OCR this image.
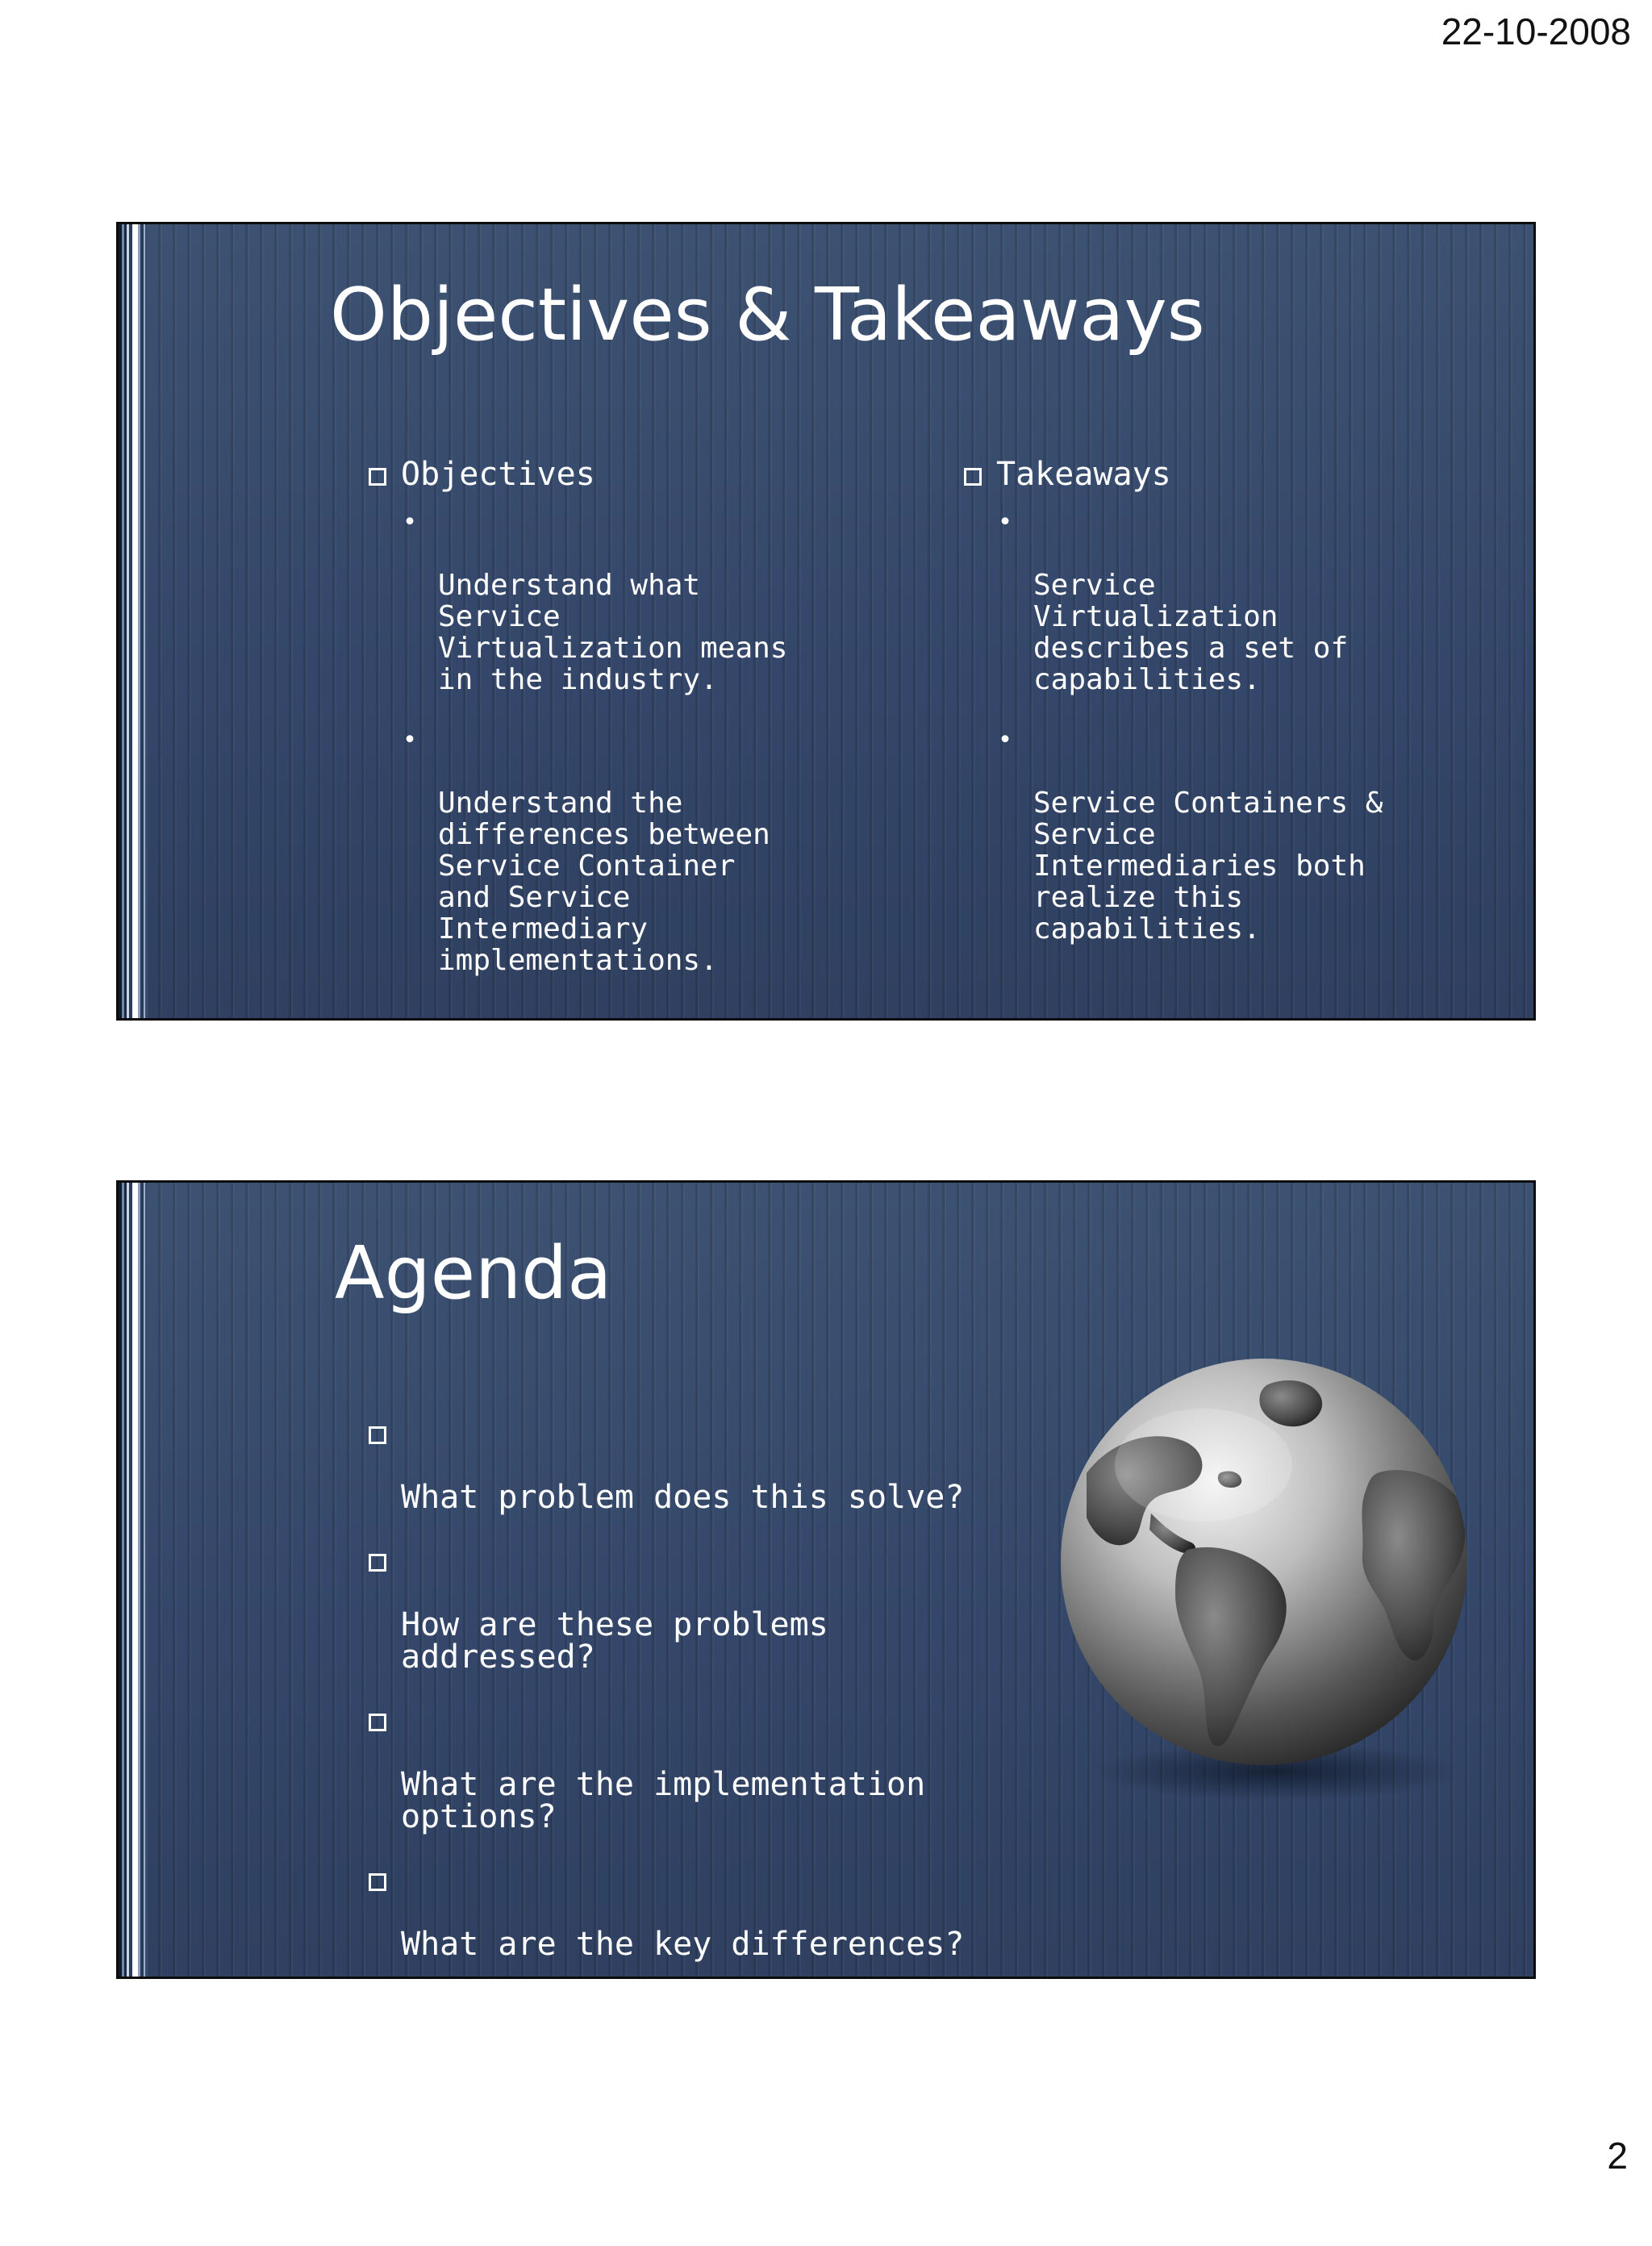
22-10-2008
Objectives & Takeaways
Objectives

•

Understand what
Service
Virtualization means
in the industry.

•

Understand the
differences between
Service Container
and Service
Intermediary
implementations.

Takeaways

•

Service
Virtualization
describes a set of
capabilities.

•

Service Containers &
Service
Intermediaries both
realize this
capabilities.

Agenda

What problem does this solve?

How are these problems
addressed?

What are the implementation
options?

What are the key differences?

Start Making Investments

Questions & Answers

2
